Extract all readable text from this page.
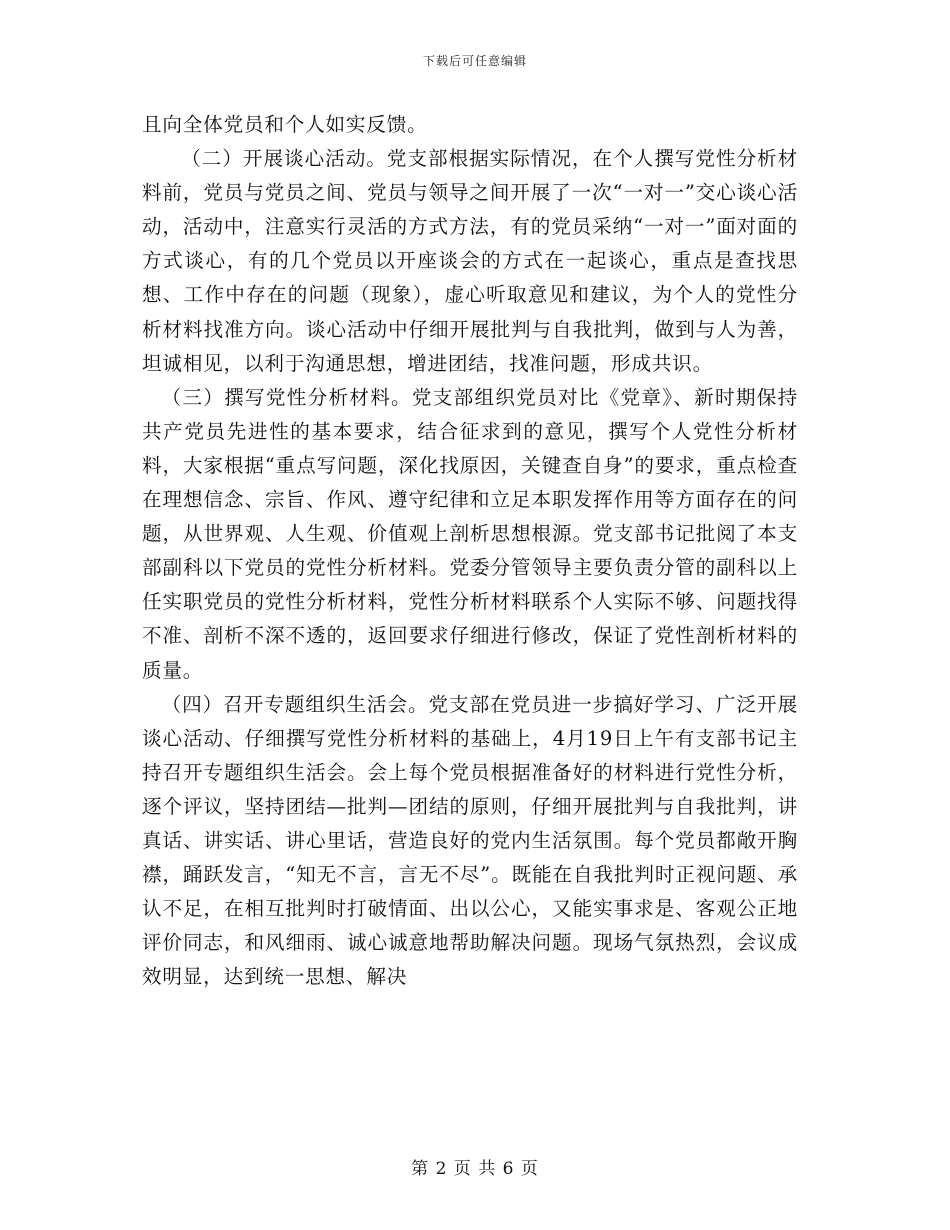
下载后可任意编辑

且向全体党员和个人如实反馈。

（二）开展谈心活动。党支部根据实际情况，在个人撰写党性分析材料前，党员与党员之间、党员与领导之间开展了一次“一对一”交心谈心活动，活动中，注意实行灵活的方式方法，有的党员采纳“一对一”面对面的方式谈心，有的几个党员以开座谈会的方式在一起谈心，重点是查找思想、工作中存在的问题（现象），虚心听取意见和建议，为个人的党性分析材料找准方向。谈心活动中仔细开展批判与自我批判，做到与人为善，坦诚相见，以利于沟通思想，增进团结，找准问题，形成共识。

（三）撰写党性分析材料。党支部组织党员对比《党章》、新时期保持共产党员先进性的基本要求，结合征求到的意见，撰写个人党性分析材料，大家根据“重点写问题，深化找原因，关键查自身”的要求，重点检查在理想信念、宗旨、作风、遵守纪律和立足本职发挥作用等方面存在的问题，从世界观、人生观、价值观上剖析思想根源。党支部书记批阅了本支部副科以下党员的党性分析材料。党委分管领导主要负责分管的副科以上任实职党员的党性分析材料，党性分析材料联系个人实际不够、问题找得不准、剖析不深不透的，返回要求仔细进行修改，保证了党性剖析材料的质量。

（四）召开专题组织生活会。党支部在党员进一步搞好学习、广泛开展谈心活动、仔细撰写党性分析材料的基础上，4月19日上午有支部书记主持召开专题组织生活会。会上每个党员根据准备好的材料进行党性分析，逐个评议，坚持团结—批判—团结的原则，仔细开展批判与自我批判，讲真话、讲实话、讲心里话，营造良好的党内生活氛围。每个党员都敞开胸襟，踊跃发言，“知无不言，言无不尽”。既能在自我批判时正视问题、承认不足，在相互批判时打破情面、出以公心，又能实事求是、客观公正地评价同志，和风细雨、诚心诚意地帮助解决问题。现场气氛热烈，会议成效明显，达到统一思想、解决

第 2 页 共 6 页
